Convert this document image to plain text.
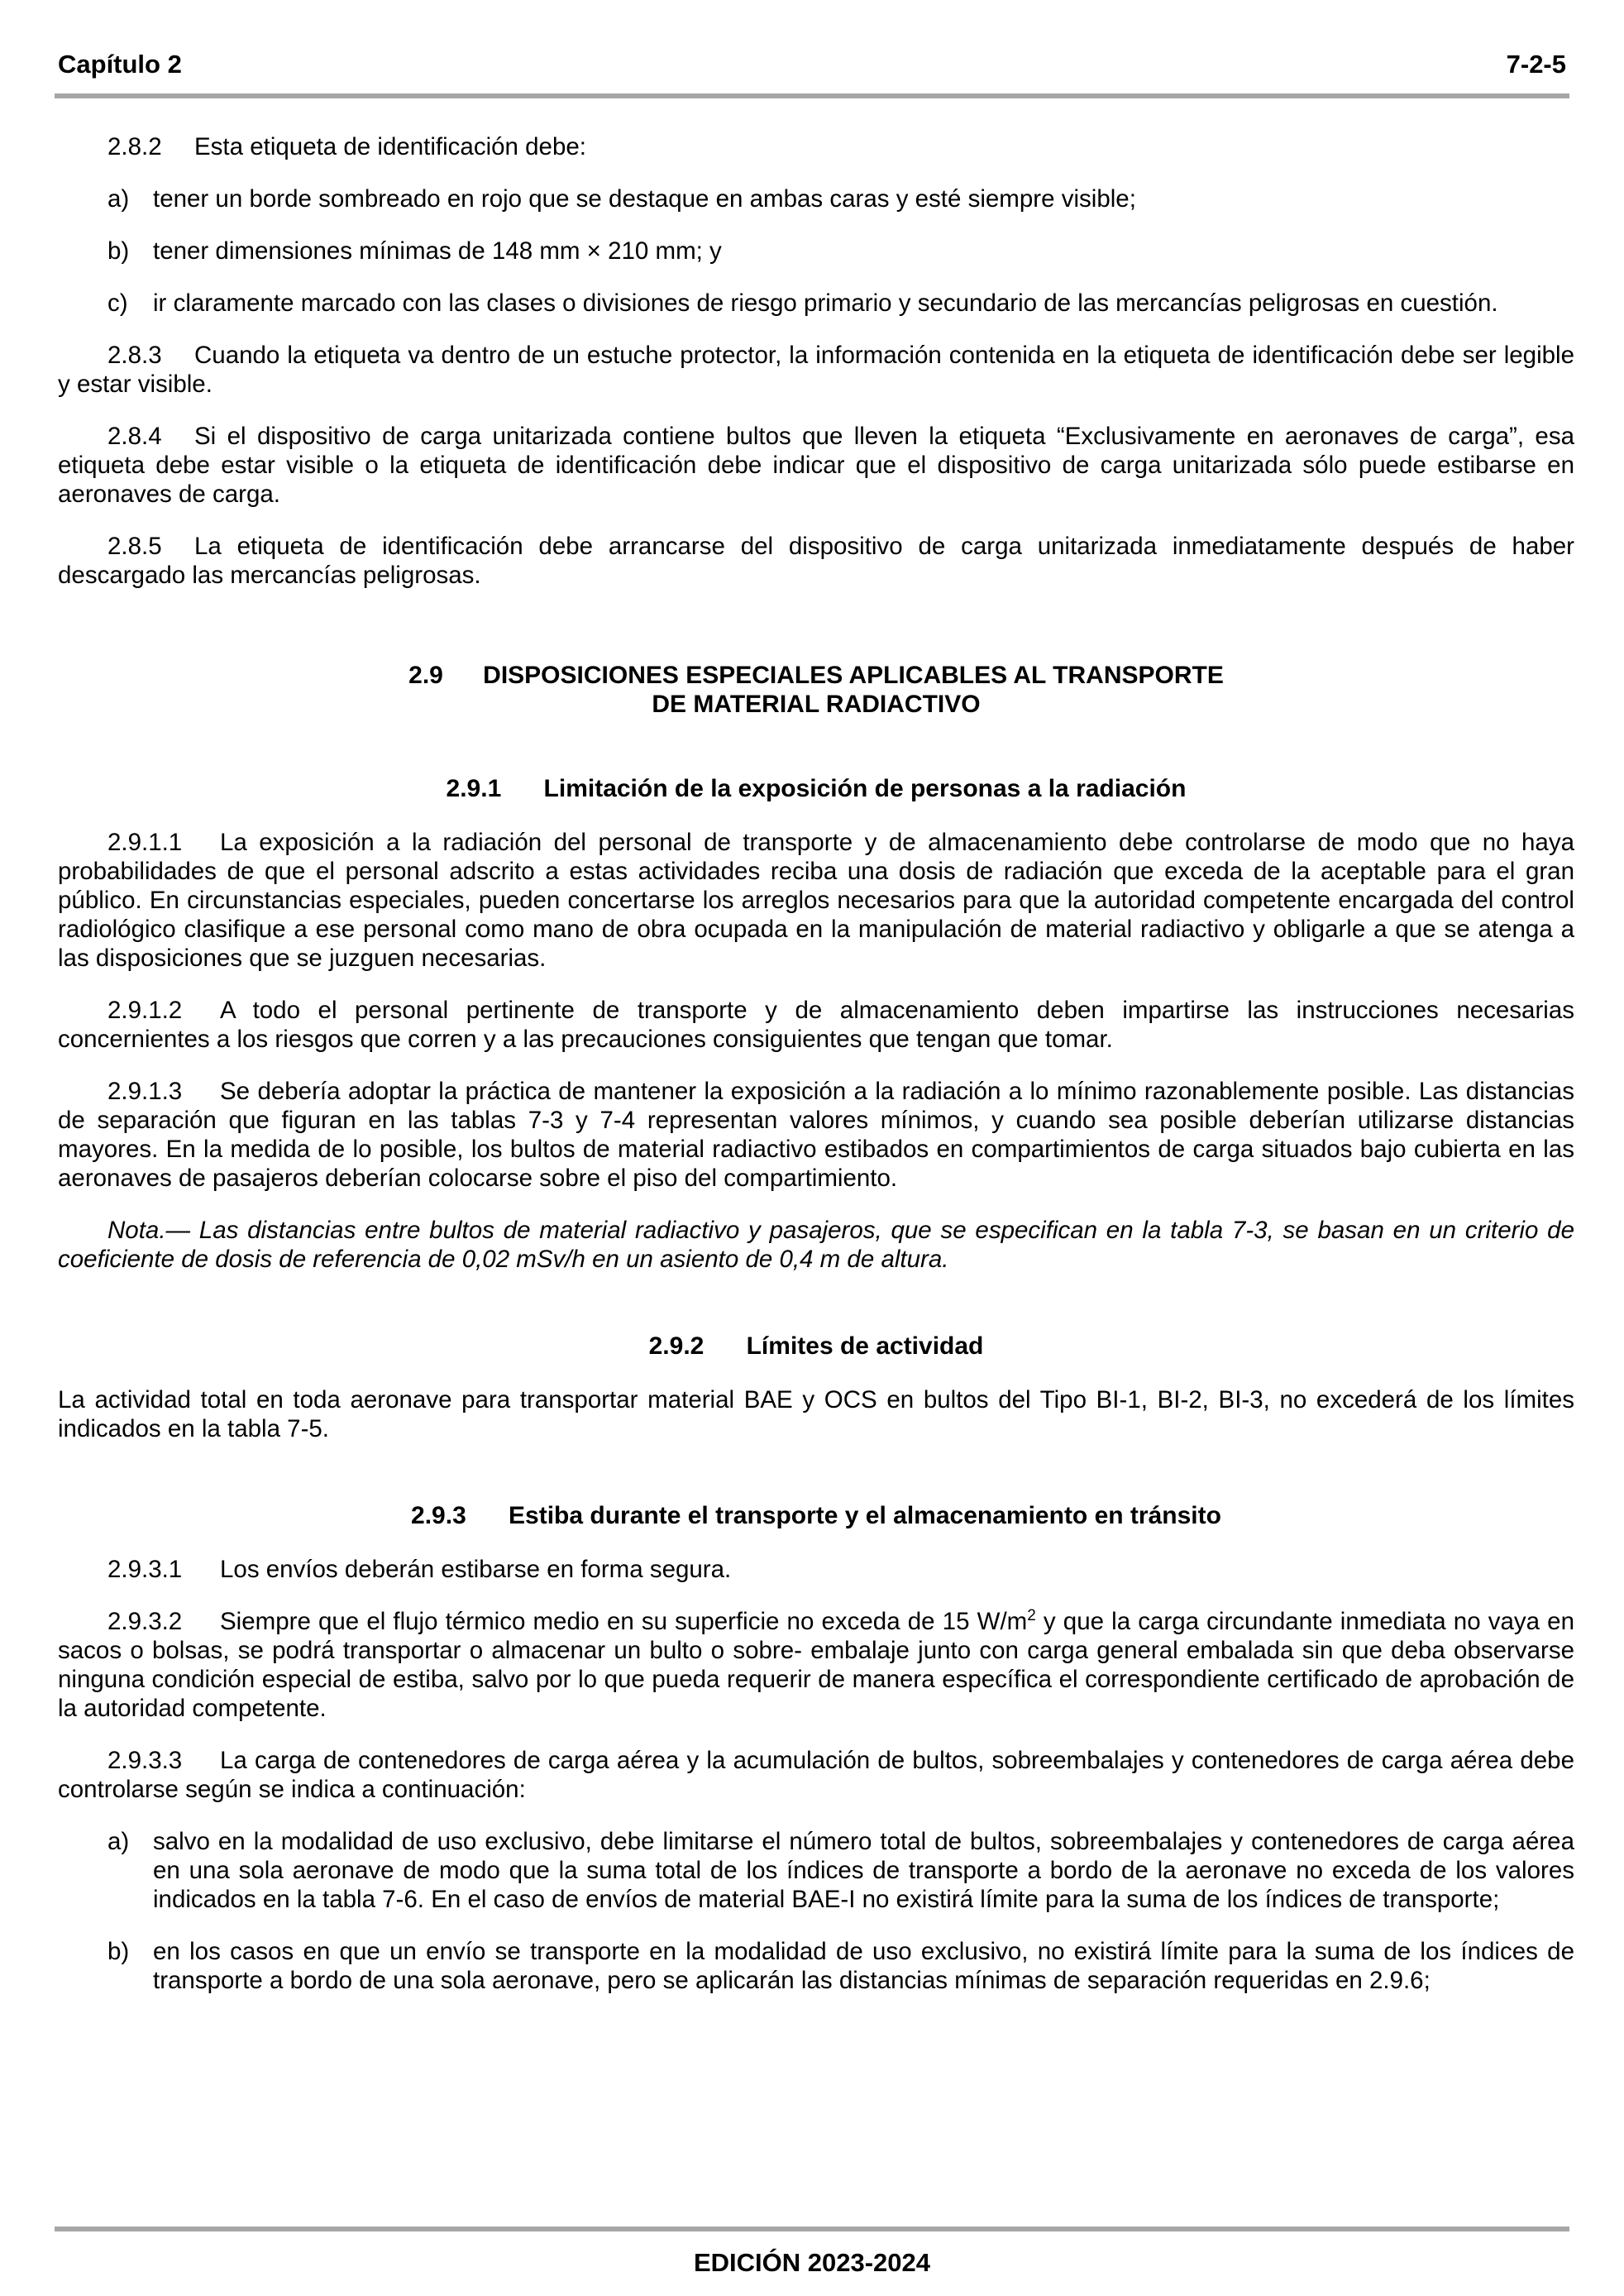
Capítulo 2	7-2-5

2.8.2 Esta etiqueta de identificación debe:

a) tener un borde sombreado en rojo que se destaque en ambas caras y esté siempre visible;

b) tener dimensiones mínimas de 148 mm × 210 mm; y

c) ir claramente marcado con las clases o divisiones de riesgo primario y secundario de las mercancías peligrosas en cuestión.

2.8.3 Cuando la etiqueta va dentro de un estuche protector, la información contenida en la etiqueta de identificación debe ser legible y estar visible.

2.8.4 Si el dispositivo de carga unitarizada contiene bultos que lleven la etiqueta “Exclusivamente en aeronaves de carga”, esa etiqueta debe estar visible o la etiqueta de identificación debe indicar que el dispositivo de carga unitarizada sólo puede estibarse en aeronaves de carga.

2.8.5 La etiqueta de identificación debe arrancarse del dispositivo de carga unitarizada inmediatamente después de haber descargado las mercancías peligrosas.

2.9 DISPOSICIONES ESPECIALES APLICABLES AL TRANSPORTE
DE MATERIAL RADIACTIVO
2.9.1 Limitación de la exposición de personas a la radiación

2.9.1.1 La exposición a la radiación del personal de transporte y de almacenamiento debe controlarse de modo que no haya probabilidades de que el personal adscrito a estas actividades reciba una dosis de radiación que exceda de la aceptable para el gran público. En circunstancias especiales, pueden concertarse los arreglos necesarios para que la autoridad competente encargada del control radiológico clasifique a ese personal como mano de obra ocupada en la manipulación de material radiactivo y obligarle a que se atenga a las disposiciones que se juzguen necesarias.

2.9.1.2 A todo el personal pertinente de transporte y de almacenamiento deben impartirse las instrucciones necesarias concernientes a los riesgos que corren y a las precauciones consiguientes que tengan que tomar.

2.9.1.3 Se debería adoptar la práctica de mantener la exposición a la radiación a lo mínimo razonablemente posible. Las distancias de separación que figuran en las tablas 7-3 y 7-4 representan valores mínimos, y cuando sea posible deberían utilizarse distancias mayores. En la medida de lo posible, los bultos de material radiactivo estibados en compartimientos de carga situados bajo cubierta en las aeronaves de pasajeros deberían colocarse sobre el piso del compartimiento.

Nota.— Las distancias entre bultos de material radiactivo y pasajeros, que se especifican en la tabla 7-3, se basan en un criterio de coeficiente de dosis de referencia de 0,02 mSv/h en un asiento de 0,4 m de altura.

2.9.2 Límites de actividad

La actividad total en toda aeronave para transportar material BAE y OCS en bultos del Tipo BI-1, BI-2, BI-3, no excederá de los límites indicados en la tabla 7-5.

2.9.3 Estiba durante el transporte y el almacenamiento en tránsito

2.9.3.1 Los envíos deberán estibarse en forma segura.

2.9.3.2 Siempre que el flujo térmico medio en su superficie no exceda de 15 $W/m^2$ y que la carga circundante inmediata no vaya en sacos o bolsas, se podrá transportar o almacenar un bulto o sobre- embalaje junto con carga general embalada sin que deba observarse ninguna condición especial de estiba, salvo por lo que pueda requerir de manera específica el correspondiente certificado de aprobación de la autoridad competente.

2.9.3.3 La carga de contenedores de carga aérea y la acumulación de bultos, sobreembalajes y contenedores de carga aérea debe controlarse según se indica a continuación:

a) salvo en la modalidad de uso exclusivo, debe limitarse el número total de bultos, sobreembalajes y contenedores de carga aérea en una sola aeronave de modo que la suma total de los índices de transporte a bordo de la aeronave no exceda de los valores indicados en la tabla 7-6. En el caso de envíos de material BAE-I no existirá límite para la suma de los índices de transporte;

b) en los casos en que un envío se transporte en la modalidad de uso exclusivo, no existirá límite para la suma de los índices de transporte a bordo de una sola aeronave, pero se aplicarán las distancias mínimas de separación requeridas en 2.9.6;

EDICIÓN 2023-2024
